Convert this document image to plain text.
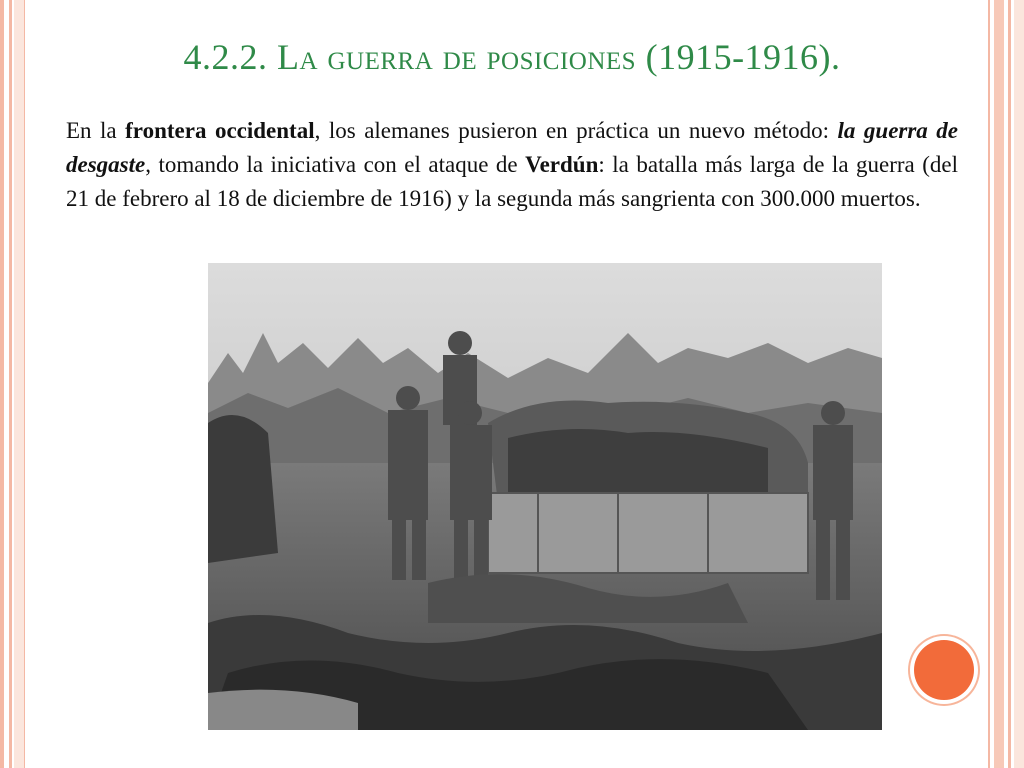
4.2.2. La guerra de posiciones (1915-1916).

En la frontera occidental, los alemanes pusieron en práctica un nuevo método: la guerra de desgaste, tomando la iniciativa con el ataque de Verdún: la batalla más larga de la guerra (del 21 de febrero al 18 de diciembre de 1916) y la segunda más sangrienta con 300.000 muertos.
